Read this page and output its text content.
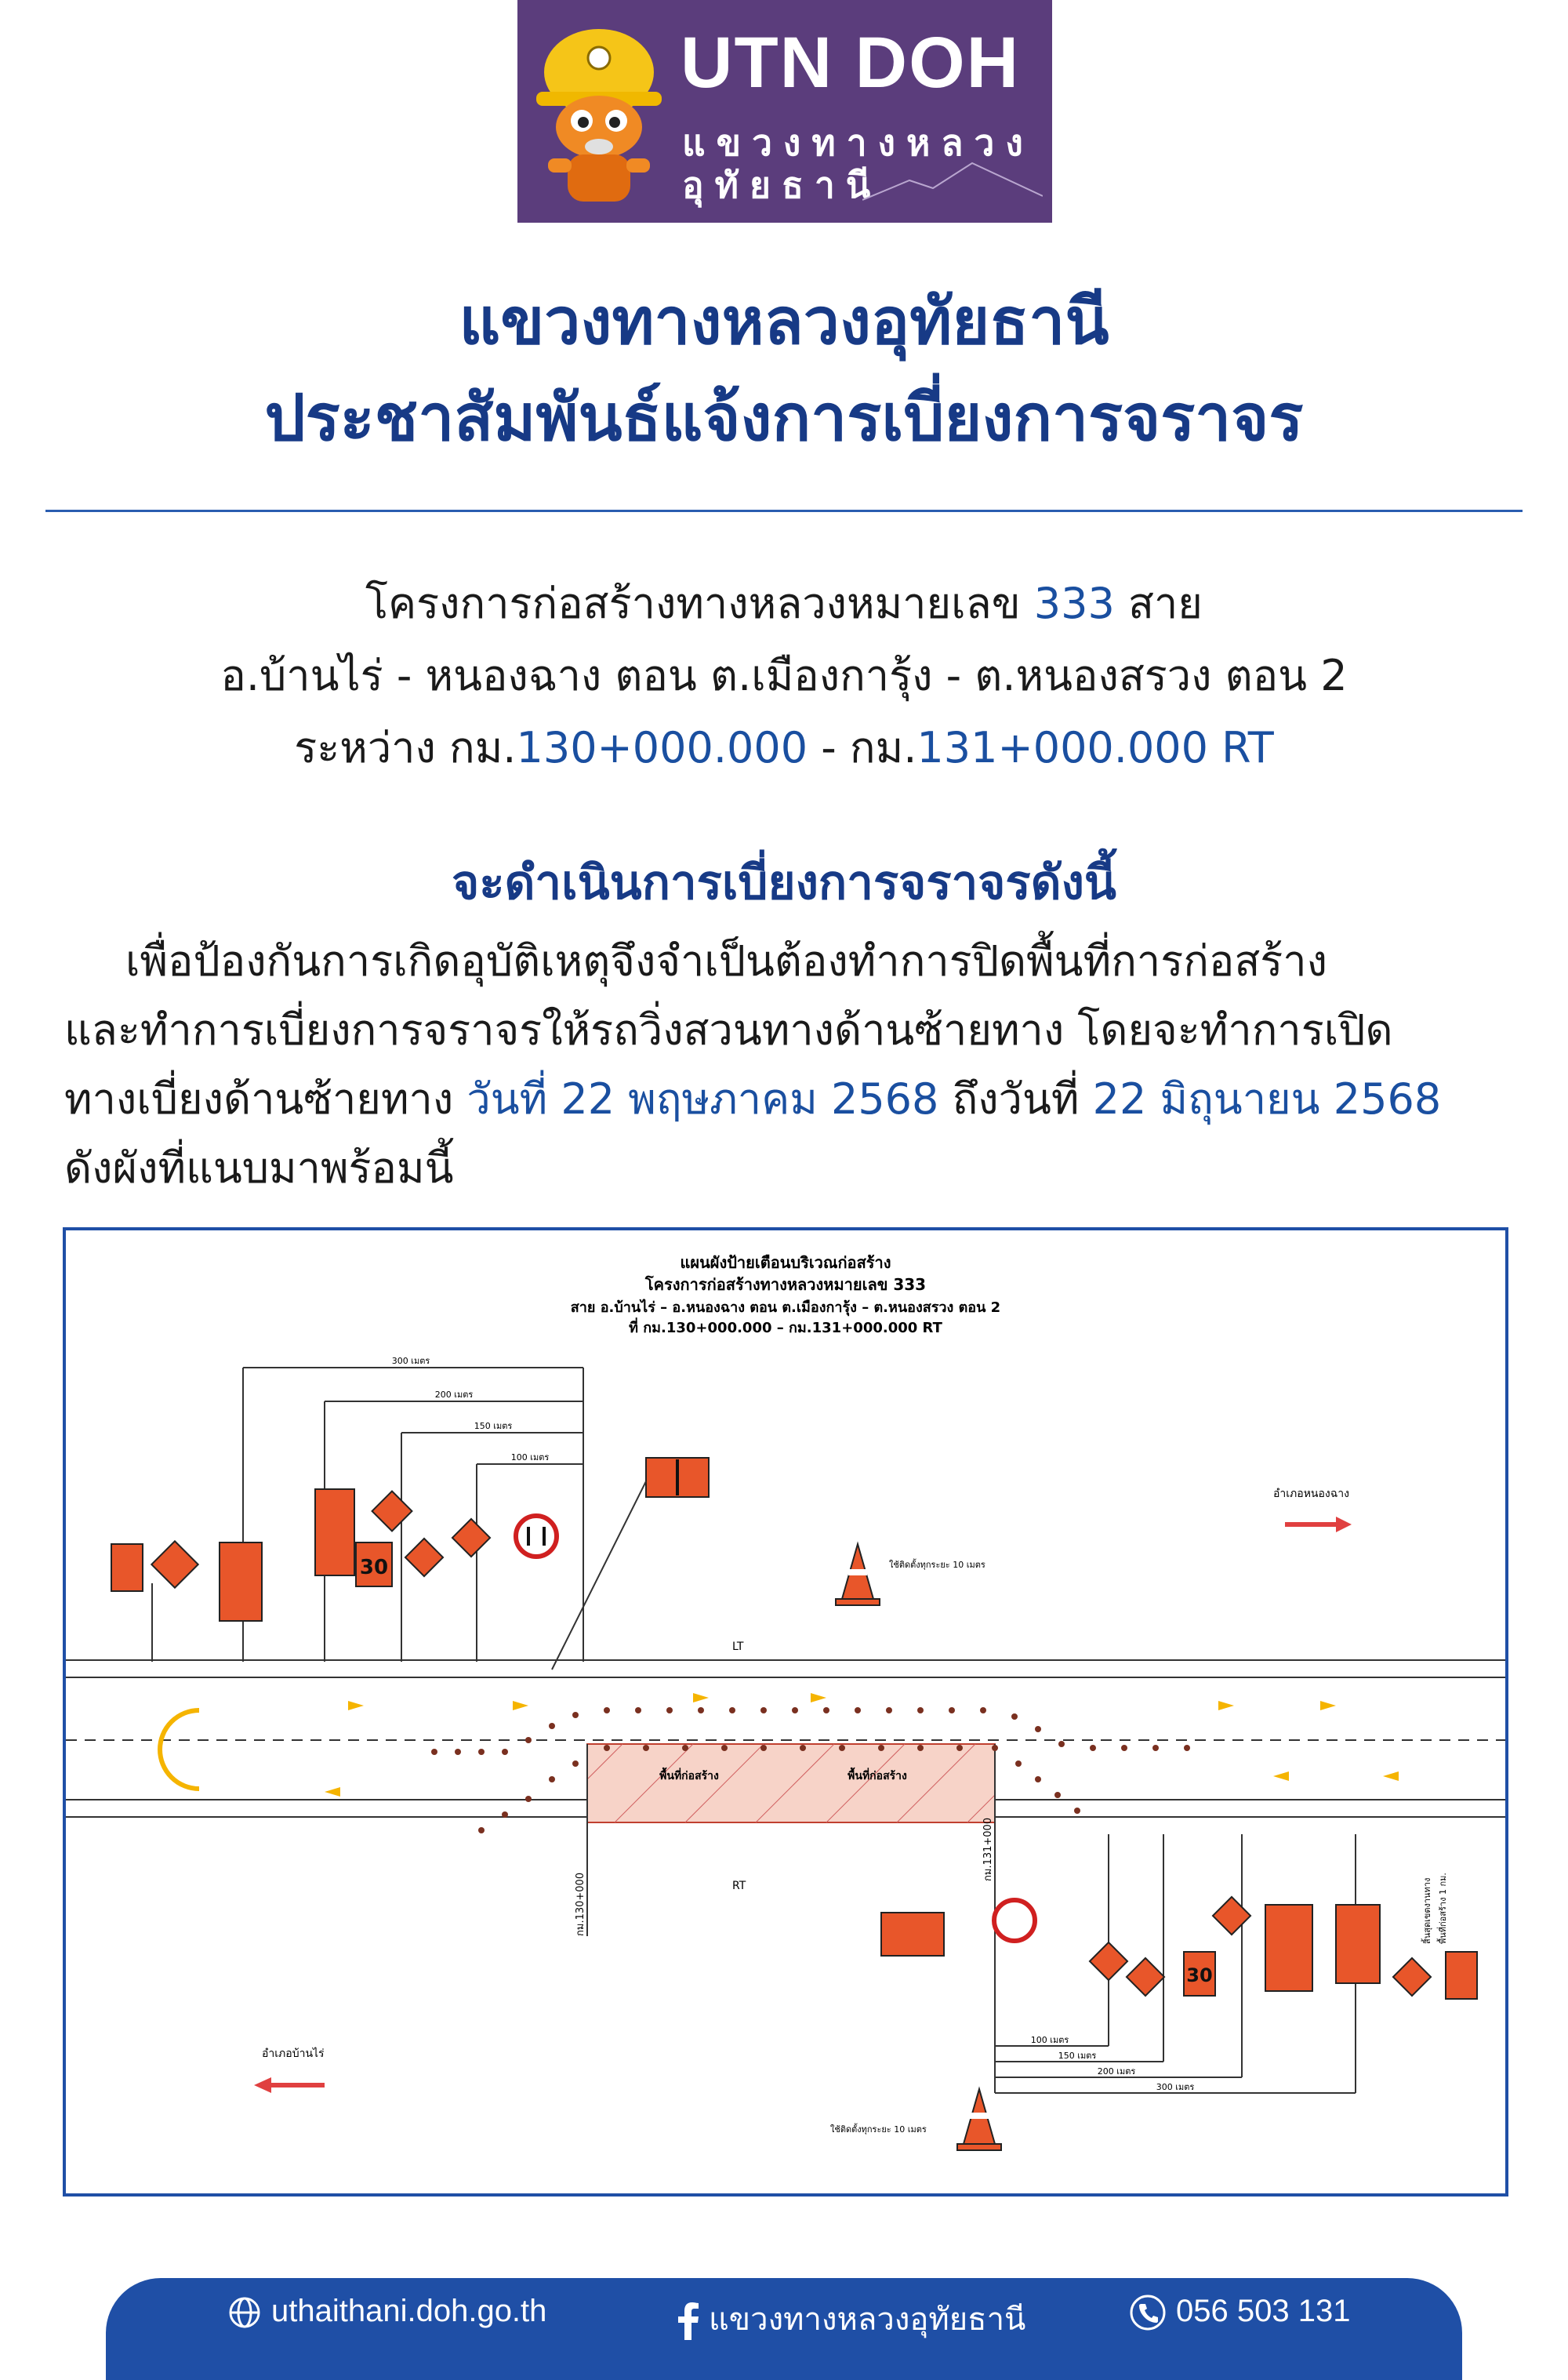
UTN DOH
แขวงทางหลวง
อุทัยธานี
แขวงทางหลวงอุทัยธานี
ประชาสัมพันธ์แจ้งการเบี่ยงการจราจร
โครงการก่อสร้างทางหลวงหมายเลข 333 สาย
อ.บ้านไร่ - หนองฉาง ตอน ต.เมืองการุ้ง - ต.หนองสรวง ตอน 2
ระหว่าง กม.130+000.000 - กม.131+000.000 RT
จะดำเนินการเบี่ยงการจราจรดังนี้
เพื่อป้องกันการเกิดอุบัติเหตุจึงจำเป็นต้องทำการปิดพื้นที่การก่อสร้าง
และทำการเบี่ยงการจราจรให้รถวิ่งสวนทางด้านซ้ายทาง โดยจะทำการเปิด
ทางเบี่ยงด้านซ้ายทาง วันที่ 22 พฤษภาคม 2568 ถึงวันที่ 22 มิถุนายน 2568
ดังผังที่แนบมาพร้อมนี้
แผนผังป้ายเตือนบริเวณก่อสร้าง
โครงการก่อสร้างทางหลวงหมายเลข 333
สาย อ.บ้านไร่ – อ.หนองฉาง ตอน ต.เมืองการุ้ง – ต.หนองสรวง ตอน 2
ที่ กม.130+000.000 – กม.131+000.000 RT
300 เมตร
200 เมตร
150 เมตร
100 เมตร
30	ใช้ติดตั้งทุกระยะ 10 เมตร
ใช้ติดตั้งทุกระยะ 10 เมตร
อำเภอหนองฉาง
อำเภอบ้านไร่
LT
RT
พื้นที่ก่อสร้าง	พื้นที่ก่อสร้าง
กม.130+000
กม.131+000
30
100 เมตร
150 เมตร
200 เมตร
300 เมตร
สิ้นสุดเขตงานทาง พื้นที่ก่อสร้าง 1 กม.
uthaithani.doh.go.th	แขวงทางหลวงอุทัยธานี	056 503 131
